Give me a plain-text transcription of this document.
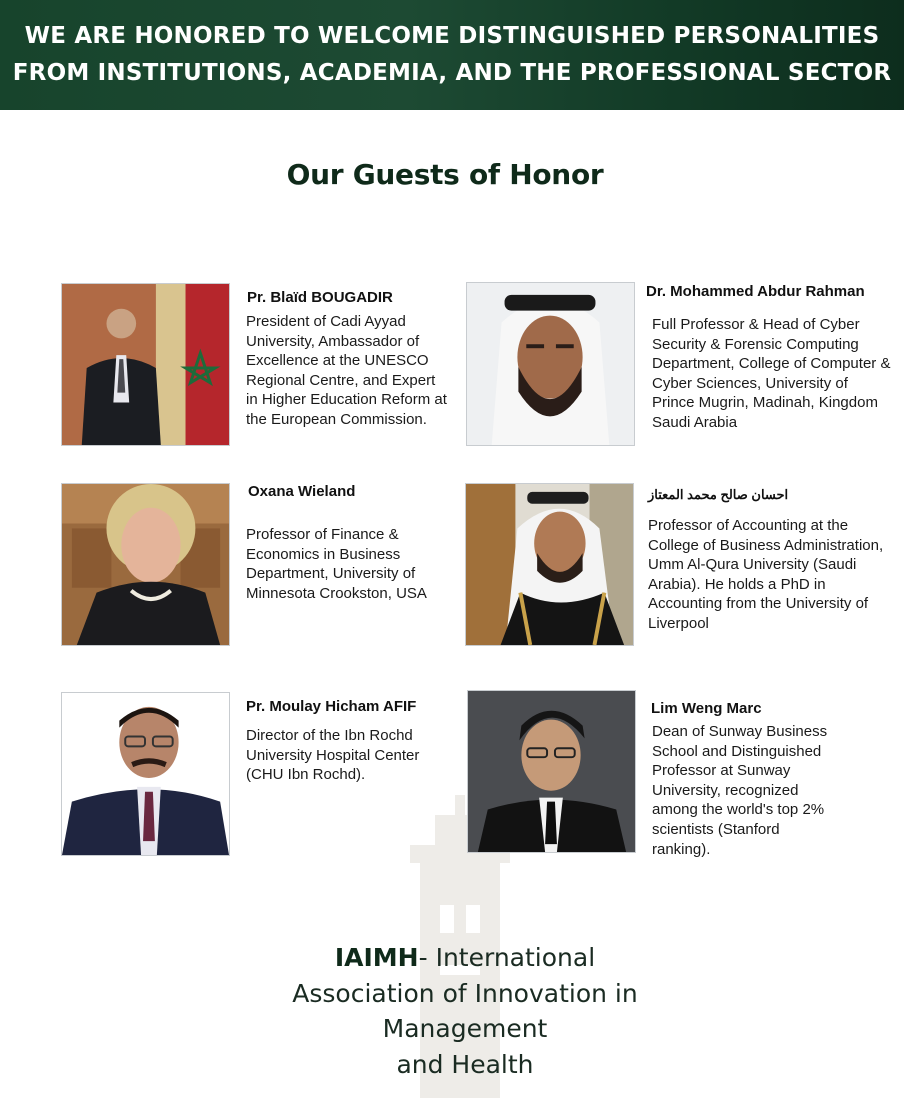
WE ARE HONORED TO WELCOME DISTINGUISHED PERSONALITIES
FROM INSTITUTIONS, ACADEMIA, AND THE PROFESSIONAL SECTOR
Our Guests of Honor
Pr. Blaïd BOUGADIR
President of Cadi Ayyad University, Ambassador of Excellence at the UNESCO Regional Centre, and Expert in Higher Education Reform at the European Commission.
Dr. Mohammed Abdur Rahman
Full Professor & Head of Cyber Security & Forensic Computing Department, College of Computer & Cyber Sciences, University of Prince Mugrin, Madinah, Kingdom Saudi Arabia
Oxana Wieland
Professor of Finance & Economics in Business Department, University of Minnesota Crookston, USA
احسان صالح محمد المعتاز
Professor of Accounting at the College of Business Administration, Umm Al-Qura University (Saudi Arabia). He holds a PhD in Accounting from the University of Liverpool
Pr. Moulay Hicham AFIF
Director of the Ibn Rochd University Hospital Center (CHU Ibn Rochd).
Lim Weng Marc
Dean of Sunway Business School and Distinguished Professor at Sunway University, recognized among the world's top 2% scientists (Stanford ranking).
IAIMH- International
Association of Innovation in
Management
and Health
